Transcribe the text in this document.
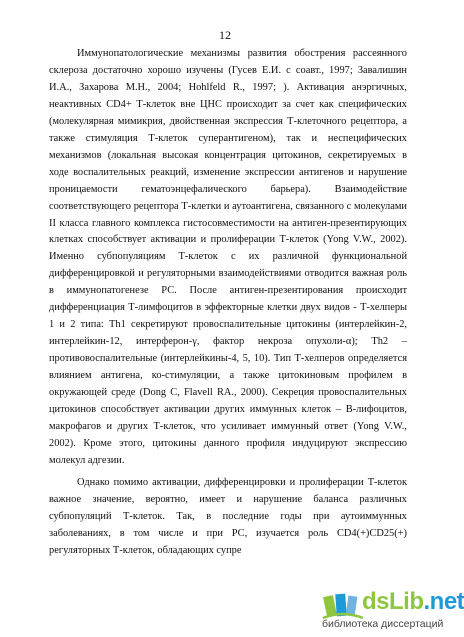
12

Иммунопатологические механизмы развития обострения рассеянного склероза достаточно хорошо изучены (Гусев Е.И. с соавт., 1997; Завалишин И.А., Захарова М.Н., 2004; Hohlfeld R., 1997; ). Активация анэргичных, неактивных CD4+ Т-клеток вне ЦНС происходит за счет как специфических (молекулярная мимикрия, двойственная экспрессия Т-клеточного рецептора, а также стимуляция Т-клеток суперантигеном), так и неспецифических механизмов (локальная высокая концентрация цитокинов, секретируемых в ходе воспалительных реакций, изменение экспрессии антигенов и нарушение проницаемости гематоэнцефалического барьера). Взаимодействие соответствующего рецептора Т-клетки и аутоантигена, связанного с молекулами II класса главного комплекса гистосовместимости на антиген-презентирующих клетках способствует активации и пролиферации Т-клеток (Yong V.W., 2002). Именно субпопуляциям Т-клеток с их различной функциональной дифференцировкой и регуляторными взаимодействиями отводится важная роль в иммунопатогенезе РС. После антиген-презентирования происходит дифференциация Т-лимфоцитов в эффекторные клетки двух видов - Т-хелперы 1 и 2 типа: Th1 секретируют провоспалительные цитокины (интерлейкин-2, интерлейкин-12, интерферон-γ, фактор некроза опухоли-α); Th2 – противовоспалительные (интерлейкины-4, 5, 10). Тип Т-хелперов определяется влиянием антигена, ко-стимуляции, а также цитокиновым профилем в окружающей среде (Dong C, Flavell RA., 2000). Секреция провоспалительных цитокинов способствует активации других иммунных клеток – В-лифоцитов, макрофагов и других Т-клеток, что усиливает иммунный ответ (Yong V.W., 2002). Кроме этого, цитокины данного профиля индуцируют экспрессию молекул адгезии.

Однако помимо активации, дифференцировки и пролиферации Т-клеток важное значение, вероятно, имеет и нарушение баланса различных субпопуляций Т-клеток. Так, в последние годы при аутоиммунных заболеваниях, в том числе и при РС, изучается роль CD4(+)CD25(+) регуляторных Т-клеток, обладающих супре

dsLib.net
библиотека диссертаций
